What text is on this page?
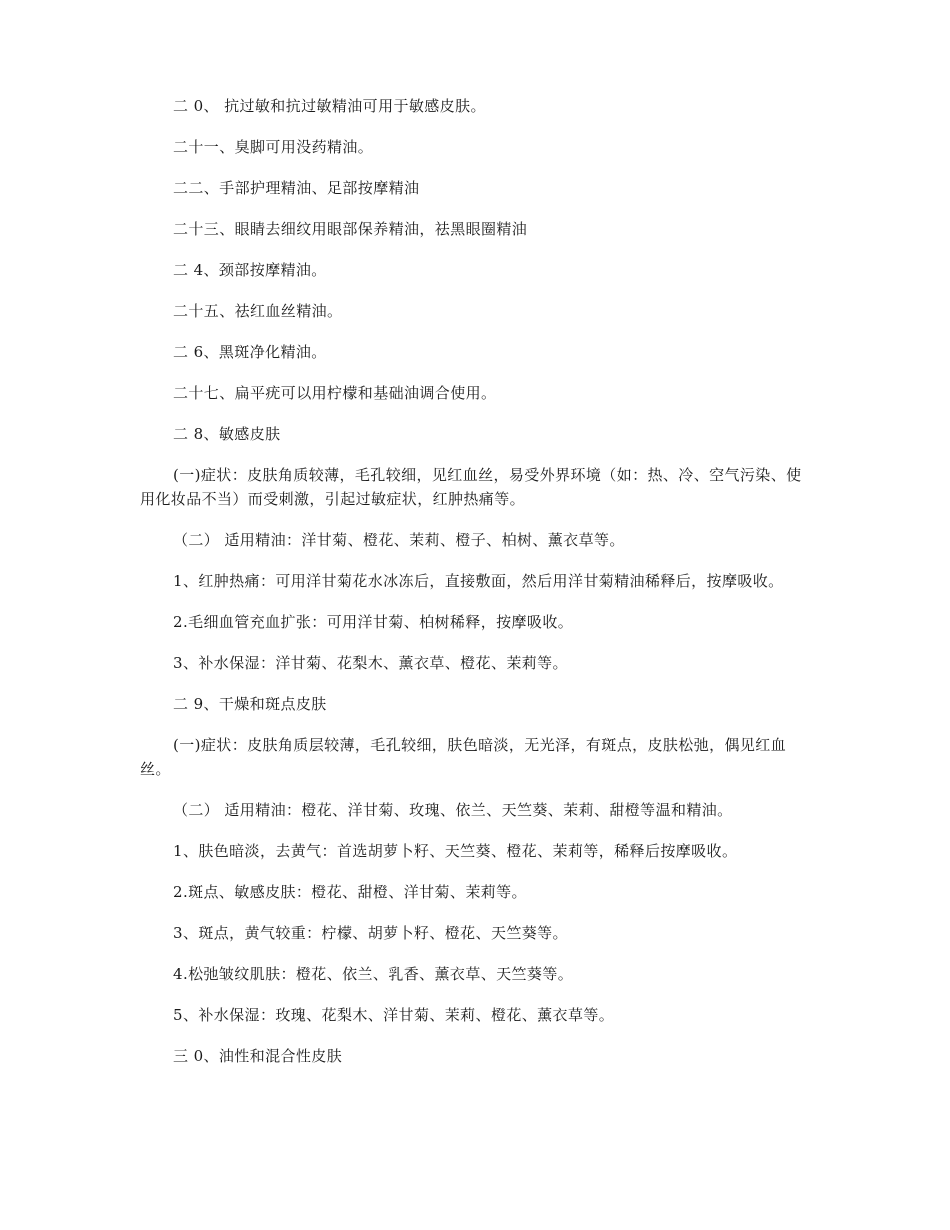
二 0、 抗过敏和抗过敏精油可用于敏感皮肤。

二十一、臭脚可用没药精油。

二二、手部护理精油、足部按摩精油

二十三、眼睛去细纹用眼部保养精油，祛黑眼圈精油

二 4、颈部按摩精油。

二十五、祛红血丝精油。

二 6、黑斑净化精油。

二十七、扁平疣可以用柠檬和基础油调合使用。

二 8、敏感皮肤

(一)症状：皮肤角质较薄，毛孔较细，见红血丝，易受外界环境（如：热、冷、空气污染、使用化妆品不当）而受刺激，引起过敏症状，红肿热痛等。

（二） 适用精油：洋甘菊、橙花、茉莉、橙子、柏树、薰衣草等。

1、红肿热痛：可用洋甘菊花水冰冻后，直接敷面，然后用洋甘菊精油稀释后，按摩吸收。

2.毛细血管充血扩张：可用洋甘菊、柏树稀释，按摩吸收。

3、补水保湿：洋甘菊、花梨木、薰衣草、橙花、茉莉等。

二 9、干燥和斑点皮肤

(一)症状：皮肤角质层较薄，毛孔较细，肤色暗淡，无光泽，有斑点，皮肤松弛，偶见红血丝。

（二） 适用精油：橙花、洋甘菊、玫瑰、依兰、天竺葵、茉莉、甜橙等温和精油。

1、肤色暗淡，去黄气：首选胡萝卜籽、天竺葵、橙花、茉莉等，稀释后按摩吸收。

2.斑点、敏感皮肤：橙花、甜橙、洋甘菊、茉莉等。

3、斑点，黄气较重：柠檬、胡萝卜籽、橙花、天竺葵等。

4.松弛皱纹肌肤：橙花、依兰、乳香、薰衣草、天竺葵等。

5、补水保湿：玫瑰、花梨木、洋甘菊、茉莉、橙花、薰衣草等。

三 0、油性和混合性皮肤
